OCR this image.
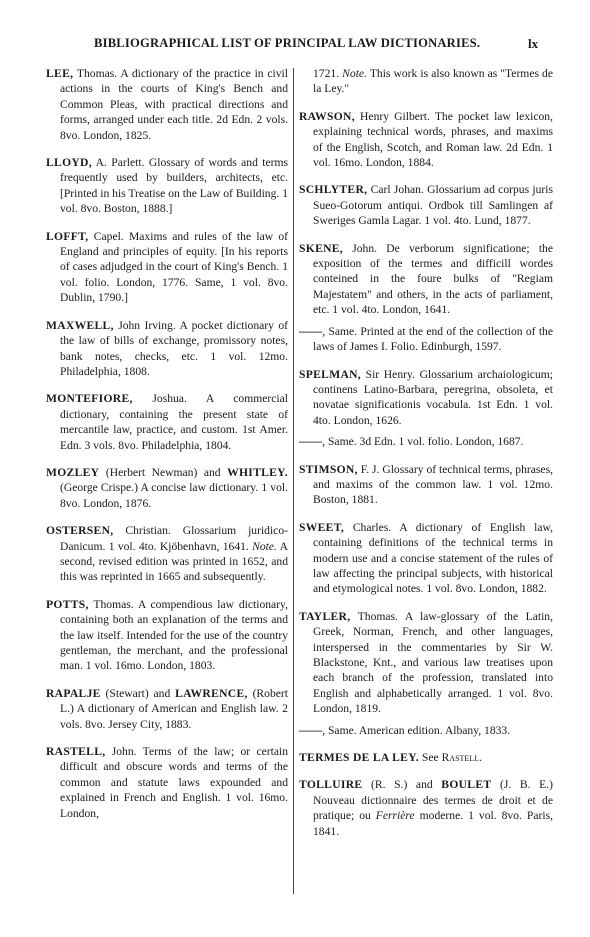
BIBLIOGRAPHICAL LIST OF PRINCIPAL LAW DICTIONARIES.	lx

LEE, Thomas. A dictionary of the practice in civil actions in the courts of King's Bench and Common Pleas, with practical directions and forms, arranged under each title. 2d Edn. 2 vols. 8vo. London, 1825.

LLOYD, A. Parlett. Glossary of words and terms frequently used by builders, architects, etc. [Printed in his Treatise on the Law of Building. 1 vol. 8vo. Boston, 1888.]

LOFFT, Capel. Maxims and rules of the law of England and principles of equity. [In his reports of cases adjudged in the court of King's Bench. 1 vol. folio. London, 1776. Same, 1 vol. 8vo. Dublin, 1790.]

MAXWELL, John Irving. A pocket dictionary of the law of bills of exchange, promissory notes, bank notes, checks, etc. 1 vol. 12mo. Philadelphia, 1808.

MONTEFIORE, Joshua. A commercial dictionary, containing the present state of mercantile law, practice, and custom. 1st Amer. Edn. 3 vols. 8vo. Philadelphia, 1804.

MOZLEY (Herbert Newman) and WHITLEY. (George Crispe.) A concise law dictionary. 1 vol. 8vo. London, 1876.

OSTERSEN, Christian. Glossarium juridico-Danicum. 1 vol. 4to. Kjöbenhavn, 1641. Note. A second, revised edition was printed in 1652, and this was reprinted in 1665 and subsequently.

POTTS, Thomas. A compendious law dictionary, containing both an explanation of the terms and the law itself. Intended for the use of the country gentleman, the merchant, and the professional man. 1 vol. 16mo. London, 1803.

RAPALJE (Stewart) and LAWRENCE, (Robert L.) A dictionary of American and English law. 2 vols. 8vo. Jersey City, 1883.

RASTELL, John. Terms of the law; or certain difficult and obscure words and terms of the common and statute laws expounded and explained in French and English. 1 vol. 16mo. London,

1721. Note. This work is also known as "Termes de la Ley."

RAWSON, Henry Gilbert. The pocket law lexicon, explaining technical words, phrases, and maxims of the English, Scotch, and Roman law. 2d Edn. 1 vol. 16mo. London, 1884.

SCHLYTER, Carl Johan. Glossarium ad corpus juris Sueo-Gotorum antiqui. Ordbok till Samlingen af Sweriges Gamla Lagar. 1 vol. 4to. Lund, 1877.

SKENE, John. De verborum significatione; the exposition of the termes and difficill wordes conteined in the foure bulks of "Regiam Majestatem" and others, in the acts of parliament, etc. 1 vol. 4to. London, 1641.

——, Same. Printed at the end of the collection of the laws of James I. Folio. Edinburgh, 1597.

SPELMAN, Sir Henry. Glossarium archaiologicum; continens Latino-Barbara, peregrina, obsoleta, et novatae significationis vocabula. 1st Edn. 1 vol. 4to. London, 1626.

——, Same. 3d Edn. 1 vol. folio. London, 1687.

STIMSON, F. J. Glossary of technical terms, phrases, and maxims of the common law. 1 vol. 12mo. Boston, 1881.

SWEET, Charles. A dictionary of English law, containing definitions of the technical terms in modern use and a concise statement of the rules of law affecting the principal subjects, with historical and etymological notes. 1 vol. 8vo. London, 1882.

TAYLER, Thomas. A law-glossary of the Latin, Greek, Norman, French, and other languages, interspersed in the commentaries by Sir W. Blackstone, Knt., and various law treatises upon each branch of the profession, translated into English and alphabetically arranged. 1 vol. 8vo. London, 1819.

——, Same. American edition. Albany, 1833.

TERMES DE LA LEY. See Rastell.

TOLLUIRE (R. S.) and BOULET (J. B. E.) Nouveau dictionnaire des termes de droit et de pratique; ou Ferrière moderne. 1 vol. 8vo. Paris, 1841.
